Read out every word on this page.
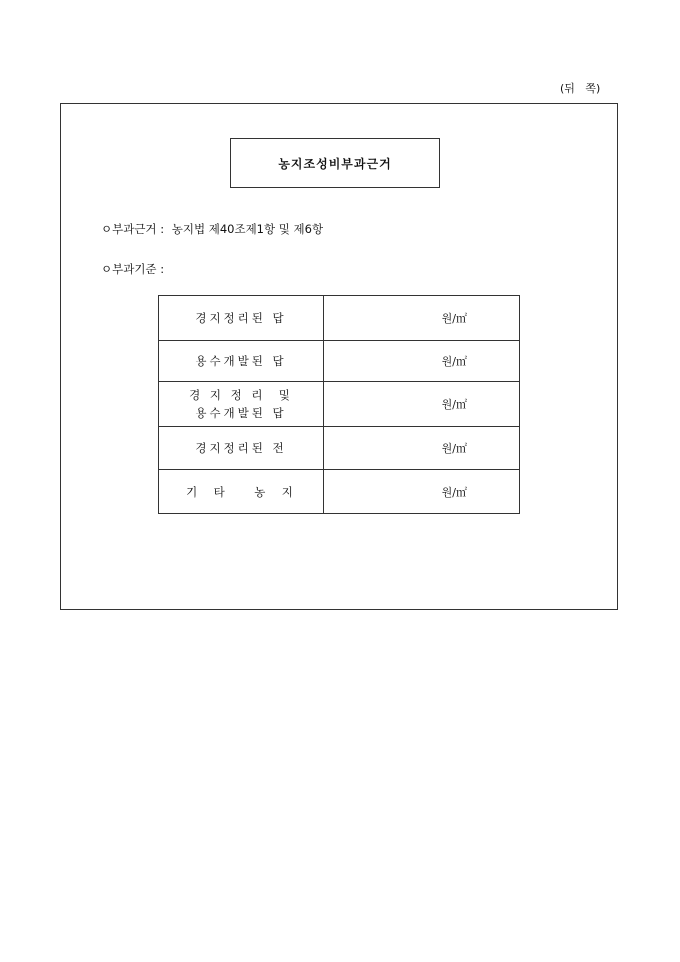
(뒤   쪽)
농지조성비부과근거
ㅇ부과근거 : 농지법 제40조제1항 및 제6항
ㅇ부과기준 :
경지정리된 답	원/㎡
용수개발된 답	원/㎡
경 지 정 리  및
용수개발된 답	원/㎡
경지정리된 전	원/㎡
기  타    농  지	원/㎡
